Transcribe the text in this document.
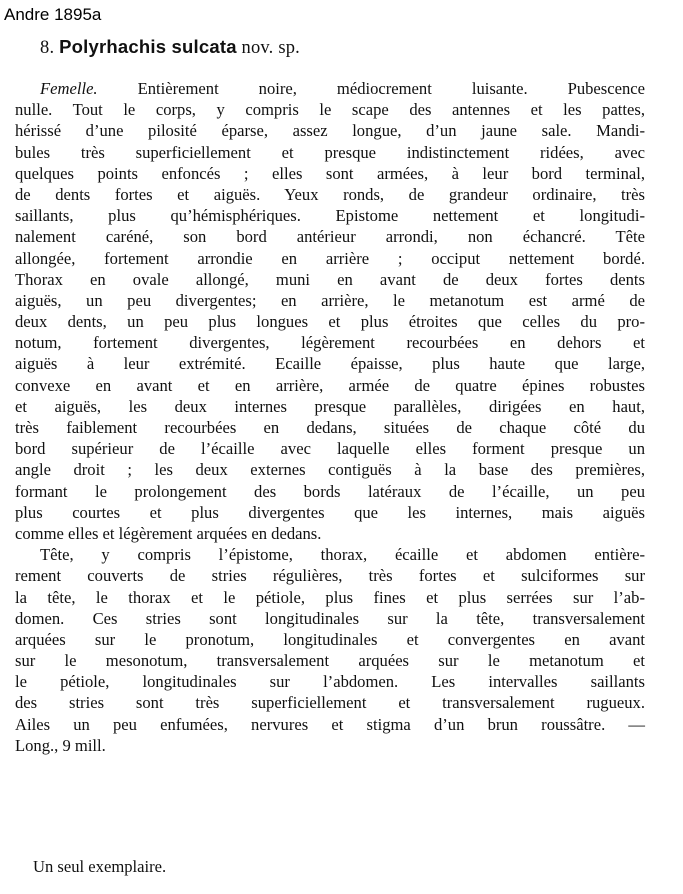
Andre 1895a
8. Polyrhachis sulcata nov. sp.
Femelle. Entièrement noire, médiocrement luisante. Pubescence
nulle. Tout le corps, y compris le scape des antennes et les pattes,
hérissé d’une pilosité éparse, assez longue, d’un jaune sale. Mandi-
bules très superficiellement et presque indistinctement ridées, avec
quelques points enfoncés ; elles sont armées, à leur bord terminal,
de dents fortes et aiguës. Yeux ronds, de grandeur ordinaire, très
saillants, plus qu’hémisphériques. Epistome nettement et longitudi-
nalement caréné, son bord antérieur arrondi, non échancré. Tête
allongée, fortement arrondie en arrière ; occiput nettement bordé.
Thorax en ovale allongé, muni en avant de deux fortes dents
aiguës, un peu divergentes; en arrière, le metanotum est armé de
deux dents, un peu plus longues et plus étroites que celles du pro-
notum, fortement divergentes, légèrement recourbées en dehors et
aiguës à leur extrémité. Ecaille épaisse, plus haute que large,
convexe en avant et en arrière, armée de quatre épines robustes
et aiguës, les deux internes presque parallèles, dirigées en haut,
très faiblement recourbées en dedans, situées de chaque côté du
bord supérieur de l’écaille avec laquelle elles forment presque un
angle droit ; les deux externes contiguës à la base des premières,
formant le prolongement des bords latéraux de l’écaille, un peu
plus courtes et plus divergentes que les internes, mais aiguës
comme elles et légèrement arquées en dedans.
Tête, y compris l’épistome, thorax, écaille et abdomen entière-
rement couverts de stries régulières, très fortes et sulciformes sur
la tête, le thorax et le pétiole, plus fines et plus serrées sur l’ab-
domen. Ces stries sont longitudinales sur la tête, transversalement
arquées sur le pronotum, longitudinales et convergentes en avant
sur le mesonotum, transversalement arquées sur le metanotum et
le pétiole, longitudinales sur l’abdomen. Les intervalles saillants
des stries sont très superficiellement et transversalement rugueux.
Ailes un peu enfumées, nervures et stigma d’un brun roussâtre. —
Long., 9 mill.
Un seul exemplaire.
